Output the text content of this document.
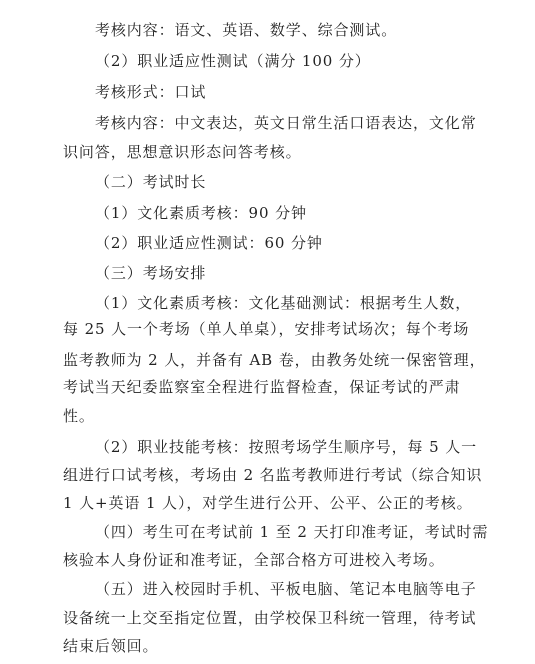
考核内容：语文、英语、数学、综合测试。

（2）职业适应性测试（满分 100 分）

考核形式：口试

考核内容：中文表达，英文日常生活口语表达，文化常

识问答，思想意识形态问答考核。

（二）考试时长

（1）文化素质考核：90 分钟

（2）职业适应性测试：60 分钟

（三）考场安排

（1）文化素质考核：文化基础测试：根据考生人数，

每 25 人一个考场（单人单桌），安排考试场次；每个考场

监考教师为 2 人，并备有 AB 卷，由教务处统一保密管理，

考试当天纪委监察室全程进行监督检查，保证考试的严肃

性。

（2）职业技能考核：按照考场学生顺序号，每 5 人一

组进行口试考核，考场由 2 名监考教师进行考试（综合知识

1 人+英语 1 人），对学生进行公开、公平、公正的考核。

（四）考生可在考试前 1 至 2 天打印准考证，考试时需

核验本人身份证和准考证，全部合格方可进校入考场。

（五）进入校园时手机、平板电脑、笔记本电脑等电子

设备统一上交至指定位置，由学校保卫科统一管理，待考试

结束后领回。
